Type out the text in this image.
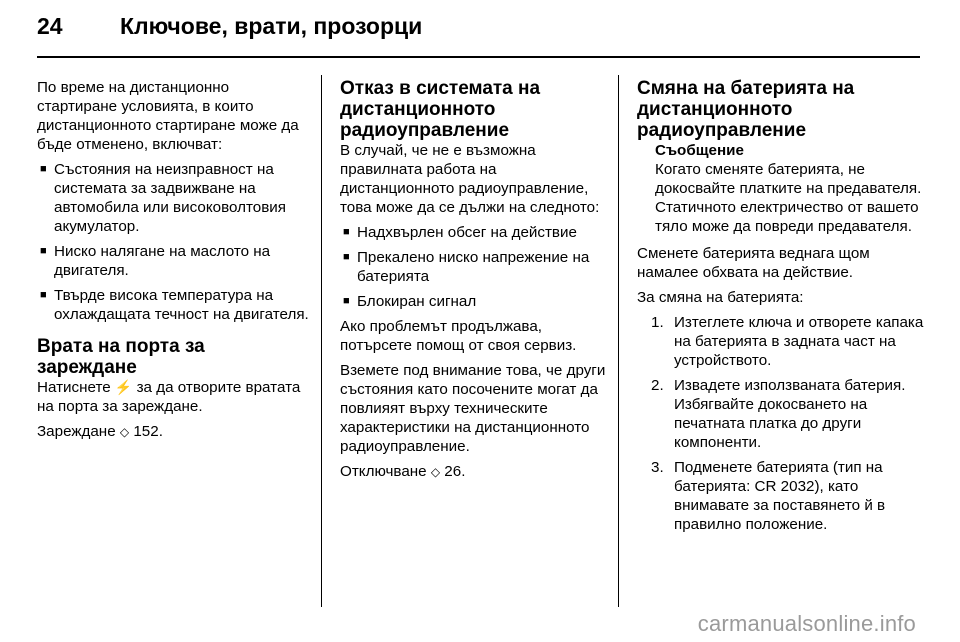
24 Ключове, врати, прозорци

По време на дистанционно стартиране условията, в които дистанционното стартиране може да бъде отменено, включват:

■ Състояния на неизправност на системата за задвижване на автомобила или високоволтовия акумулатор.
■ Ниско налягане на маслото на двигателя.
■ Твърде висока температура на охлаждащата течност на двигателя.
Врата на порта за зареждане

Натиснете ⚡ за да отворите вратата на порта за зареждане.

Зареждане ◇ 152.

Отказ в системата на дистанционното радиоуправление

В случай, че не е възможна правилната работа на дистанционното радиоуправление, това може да се дължи на следното:

■ Надхвърлен обсег на действие
■ Прекалено ниско напрежение на батерията
■ Блокиран сигнал

Ако проблемът продължава, потърсете помощ от своя сервиз.

Вземете под внимание това, че други състояния като посочените могат да повлияят върху техническите характеристики на дистанционното радиоуправление.

Отключване ◇ 26.

Смяна на батерията на дистанционното радиоуправление
Съобщение
Когато сменяте батерията, не докосвайте платките на предавателя. Статичното електричество от вашето тяло може да повреди предавателя.

Сменете батерията веднага щом намалее обхвата на действие.

За смяна на батерията:

1. Изтеглете ключа и отворете капака на батерията в задната част на устройството.
2. Извадете използваната батерия. Избягвайте докосването на печатната платка до други компоненти.
3. Подменете батерията (тип на батерията: CR 2032), като внимавате за поставянето й в правилно положение.
carmanualsonline.info
